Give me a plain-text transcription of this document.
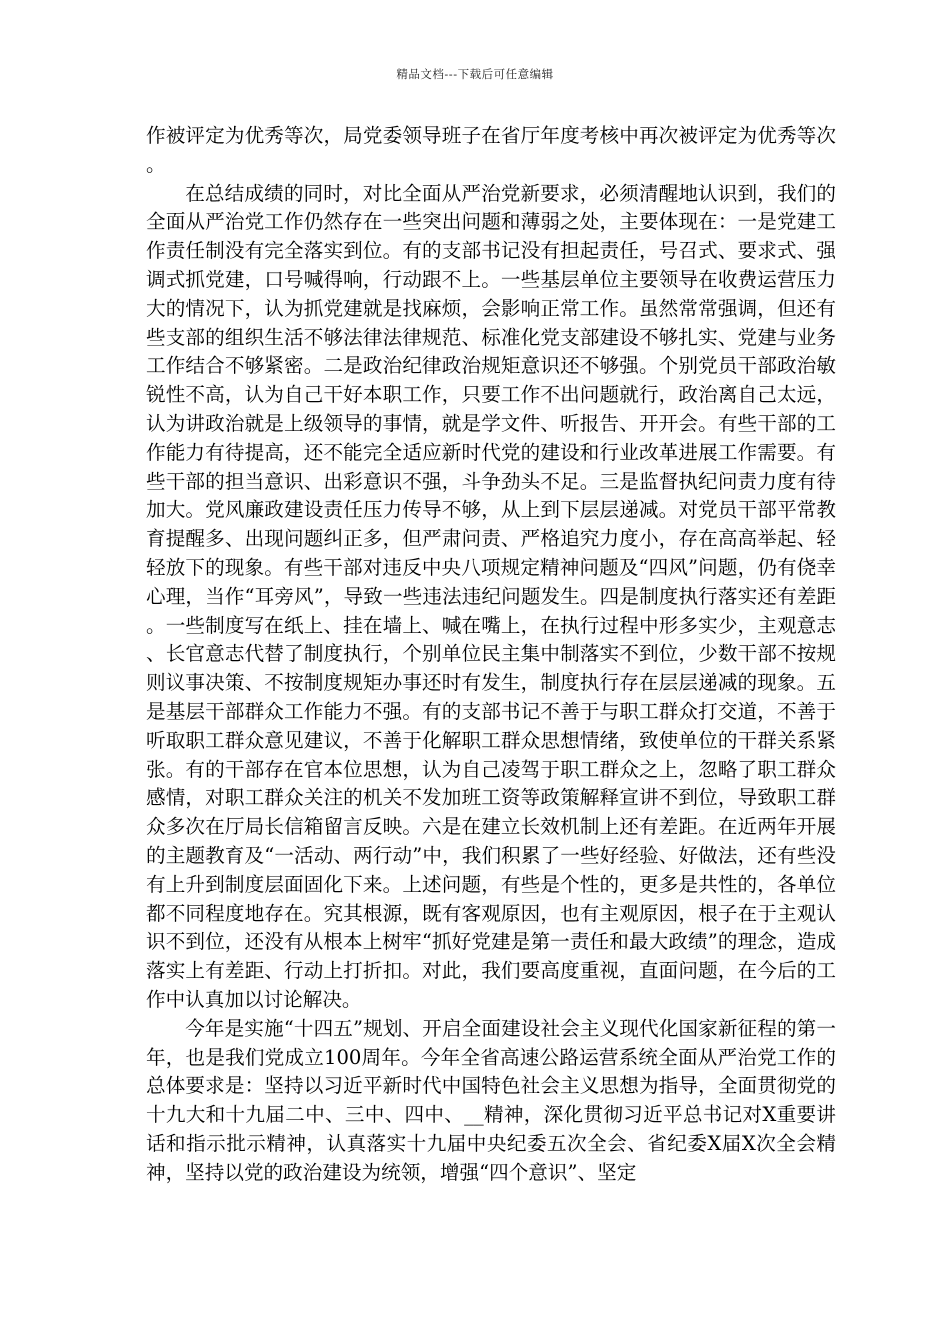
精品文档---下载后可任意编辑

作被评定为优秀等次，局党委领导班子在省厅年度考核中再次被评定为优秀等次。

在总结成绩的同时，对比全面从严治党新要求，必须清醒地认识到，我们的全面从严治党工作仍然存在一些突出问题和薄弱之处，主要体现在：一是党建工作责任制没有完全落实到位。有的支部书记没有担起责任，号召式、要求式、强调式抓党建，口号喊得响，行动跟不上。一些基层单位主要领导在收费运营压力大的情况下，认为抓党建就是找麻烦，会影响正常工作。虽然常常强调，但还有些支部的组织生活不够法律法律规范、标准化党支部建设不够扎实、党建与业务工作结合不够紧密。二是政治纪律政治规矩意识还不够强。个别党员干部政治敏锐性不高，认为自己干好本职工作，只要工作不出问题就行，政治离自己太远，认为讲政治就是上级领导的事情，就是学文件、听报告、开开会。有些干部的工作能力有待提高，还不能完全适应新时代党的建设和行业改革进展工作需要。有些干部的担当意识、出彩意识不强，斗争劲头不足。三是监督执纪问责力度有待加大。党风廉政建设责任压力传导不够，从上到下层层递减。对党员干部平常教育提醒多、出现问题纠正多，但严肃问责、严格追究力度小，存在高高举起、轻轻放下的现象。有些干部对违反中央八项规定精神问题及“四风”问题，仍有侥幸心理，当作“耳旁风”，导致一些违法违纪问题发生。四是制度执行落实还有差距。一些制度写在纸上、挂在墙上、喊在嘴上，在执行过程中形多实少，主观意志、长官意志代替了制度执行，个别单位民主集中制落实不到位，少数干部不按规则议事决策、不按制度规矩办事还时有发生，制度执行存在层层递减的现象。五是基层干部群众工作能力不强。有的支部书记不善于与职工群众打交道，不善于听取职工群众意见建议，不善于化解职工群众思想情绪，致使单位的干群关系紧张。有的干部存在官本位思想，认为自己凌驾于职工群众之上，忽略了职工群众感情，对职工群众关注的机关不发加班工资等政策解释宣讲不到位，导致职工群众多次在厅局长信箱留言反映。六是在建立长效机制上还有差距。在近两年开展的主题教育及“一活动、两行动”中，我们积累了一些好经验、好做法，还有些没有上升到制度层面固化下来。上述问题，有些是个性的，更多是共性的，各单位都不同程度地存在。究其根源，既有客观原因，也有主观原因，根子在于主观认识不到位，还没有从根本上树牢“抓好党建是第一责任和最大政绩”的理念，造成落实上有差距、行动上打折扣。对此，我们要高度重视，直面问题，在今后的工作中认真加以讨论解决。

今年是实施“十四五”规划、开启全面建设社会主义现代化国家新征程的第一年，也是我们党成立100周年。今年全省高速公路运营系统全面从严治党工作的总体要求是：坚持以习近平新时代中国特色社会主义思想为指导，全面贯彻党的十九大和十九届二中、三中、四中、__精神，深化贯彻习近平总书记对X重要讲话和指示批示精神，认真落实十九届中央纪委五次全会、省纪委X届X次全会精神，坚持以党的政治建设为统领，增强“四个意识”、坚定
